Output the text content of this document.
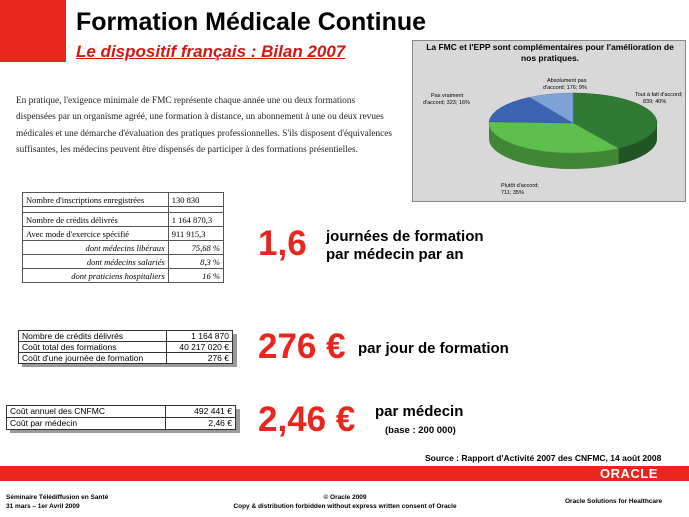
Formation Médicale Continue
Le dispositif français : Bilan 2007
Absolument pas
d'accord; 176; 9%
Pas vraiment
d'accord; 323; 16%
Tout à fait d'accord;
839; 40%
Plutôt d'accord;
711; 35%
La FMC et l'EPP sont complémentaires pour l'amélioration de
nos pratiques.
En pratique, l'exigence minimale de FMC représente chaque année une ou deux formations dispensées par un organisme agréé, une formation à distance, un abonnement à une ou deux revues médicales et une démarche d'évaluation des pratiques professionnelles. S'ils disposent d'équivalences suffisantes, les médecins peuvent être dispensés de participer à des formations présentielles.
Nombre d'inscriptions enregistrées	130 830

Nombre de crédits délivrés	1 164 870,3
Avec mode d'exercice spécifié	911 915,3
dont médecins libéraux	75,68 %
dont médecins salariés	8,3 %
dont praticiens hospitaliers	16 %
1,6 journées de formation
par médecin par an
Nombre de crédits délivrés	1 164 870
Coût total des formations	40 217 020 €
Coût d'une journée de formation	276 € 276 € par jour de formation
Coût annuel des CNFMC	492 441 €
Coût par médecin	2,46 € 2,46 € par médecin
(base : 200 000)
Source : Rapport d'Activité 2007 des CNFMC, 14 août 2008
ORACLE
Séminaire Télédiffusion en Santé
31 mars – 1er Avril 2009
© Oracle 2009
Copy & distribution forbidden without express written consent of Oracle
Oracle Solutions for Healthcare
